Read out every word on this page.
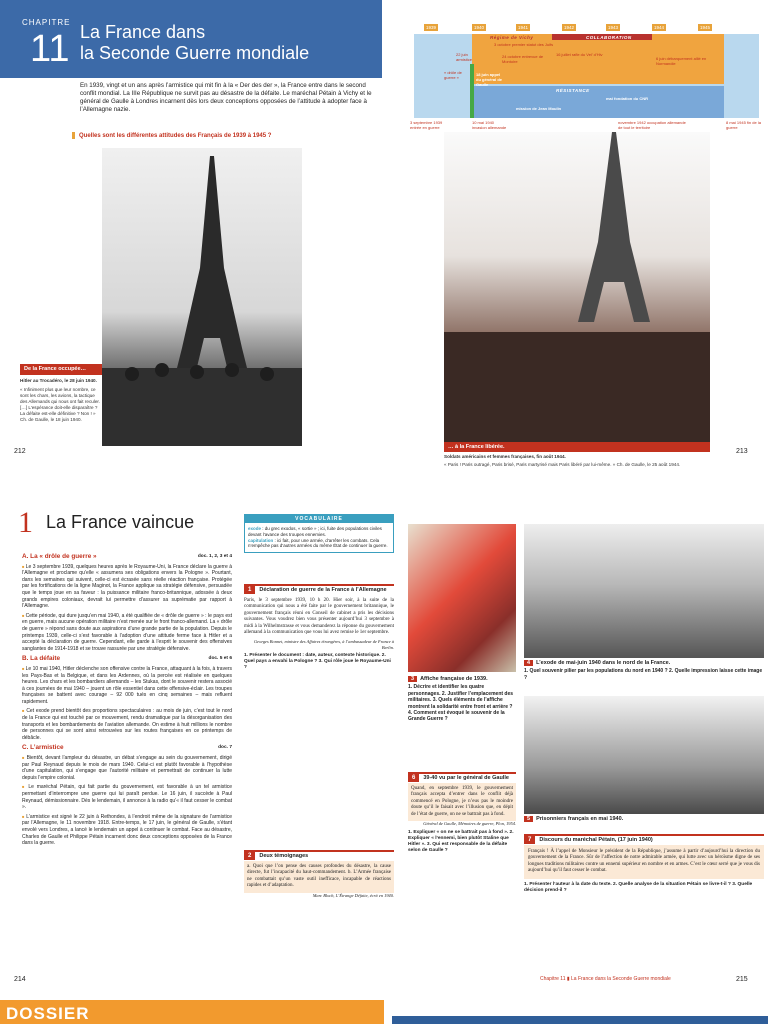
CHAPITRE
11 La France dans
la Seconde Guerre mondiale
En 1939, vingt et un ans après l’armistice qui mit fin à la « Der des der », la France entre dans le second conflit mondial. La IIIe République ne survit pas au désastre de la défaite. Le maréchal Pétain à Vichy et le général de Gaulle à Londres incarnent dès lors deux conceptions opposées de l’attitude à adopter face à l’Allemagne nazie.
Quelles sont les différentes attitudes des Français de 1939 à 1945 ?
1939	1940	1941	1942	1943	1944	1945
Régime de Vichy	COLLABORATION
RÉSISTANCE
3 octobre premier statut des Juifs
22 juin armistice
24 octobre entrevue de Montoire
16 juillet rafle du Vel’ d’Hiv
« drôle de guerre »
18 juin appel du général de Gaulle
mission de Jean Moulin
mai fondation du CNR
6 juin débarquement allié en Normandie
3 septembre 1939 entrée en guerre
10 mai 1940 invasion allemande
novembre 1942 occupation allemande de tout le territoire
8 mai 1945 fin de la guerre
De la France occupée…
Hitler au Trocadéro, le 28 juin 1940.
« Infiniment plus que leur nombre, ce sont les chars, les avions, la tactique des Allemands qui nous ont fait reculer. […] L’espérance doit-elle disparaître ? La défaite est-elle définitive ? Non ! » Ch. de Gaulle, le 18 juin 1940.
… à la France libérée.
Soldats américains et femmes françaises, fin août 1944.
« Paris ! Paris outragé, Paris brisé, Paris martyrisé mais Paris libéré par lui-même. » Ch. de Gaulle, le 25 août 1944.
212	213
1 La France vaincue
A. La « drôle de guerre »	doc. 1, 2, 3 et 4

■ Le 3 septembre 1939, quelques heures après le Royaume-Uni, la France déclare la guerre à l’Allemagne et proclame qu’elle « assumera ses obligations envers la Pologne ». Pourtant, dans les semaines qui suivent, celle-ci est écrasée sans réelle réaction française. Protégée par les fortifications de la ligne Maginot, la France applique sa stratégie défensive, persuadée que le temps joue en sa faveur : la puissance militaire franco-britannique, adossée à deux grands empires coloniaux, devrait lui permettre d’assurer sa suprématie par rapport à l’Allemagne.

■ Cette période, qui dure jusqu’en mai 1940, a été qualifiée de « drôle de guerre » : le pays est en guerre, mais aucune opération militaire n’est menée sur le front franco-allemand. La « drôle de guerre » répond sans doute aux aspirations d’une grande partie de la population. Depuis le printemps 1939, celle-ci s’est favorable à l’adoption d’une attitude ferme face à Hitler et a accepté la déclaration de guerre. Cependant, elle garde à l’esprit le souvenir des offensives sanglantes de 1914-1918 et se trouve rassurée par une stratégie défensive.

B. La défaite	doc. 5 et 6

■ Le 10 mai 1940, Hitler déclenche son offensive contre la France, attaquant à la fois, à travers les Pays-Bas et la Belgique, et dans les Ardennes, où la percée est réalisée en quelques heures. Les chars et les bombardiers allemands – les Stukas, dont le souvenir restera associé à ces journées de mai 1940 – jouent un rôle essentiel dans cette offensive-éclair. Les troupes françaises se battent avec courage – 92 000 tués en cinq semaines – mais refluent rapidement.

■ Cet exode prend bientôt des proportions spectaculaires : au mois de juin, c’est tout le nord de la France qui est touché par ce mouvement, rendu dramatique par la désorganisation des transports et les bombardements de l’aviation allemande. On estime à huit millions le nombre de personnes qui se sont ainsi retrouvées sur les routes françaises en ce printemps de débâcle.

C. L’armistice	doc. 7

■ Bientôt, devant l’ampleur du désastre, un débat s’engage au sein du gouvernement, dirigé par Paul Reynaud depuis le mois de mars 1940. Celui-ci est plutôt favorable à l’hypothèse d’une capitulation, qui s’engage que l’autorité militaire et permettrait de continuer la lutte depuis l’empire colonial.

■ Le maréchal Pétain, qui fait partie du gouvernement, est favorable à un tel armistice permettant d’interrompre une guerre qui lui paraît perdue. Le 16 juin, il succède à Paul Reynaud, démissionnaire. Dès le lendemain, il annonce à la radio qu’« il faut cesser le combat ».

■ L’armistice est signé le 22 juin à Rethondes, à l’endroit même de la signature de l’armistice par l’Allemagne, le 11 novembre 1918. Entre-temps, le 17 juin, le général de Gaulle, s’étant envolé vers Londres, a lancé le lendemain un appel à continuer le combat. Face au désastre, Charles de Gaulle et Philippe Pétain incarnent donc deux conceptions opposées de la France dans la guerre.

VOCABULAIRE
exode : du grec exodos, « sortie » ; ici, fuite des populations civiles devant l’avance des troupes ennemies.
capitulation : ici fait, pour une armée, d’arrêter les combats. Cela n’empêche pas d’autres armées du même État de continuer la guerre.
1	Déclaration de guerre de la France à l’Allemagne
Paris, le 3 septembre 1939, 10 h 20. Hier soir, à la suite de la communication qui nous a été faite par le gouvernement britannique, le gouvernement français réuni en Conseil de cabinet a pris les décisions suivantes. Vous voudrez bien vous présenter aujourd’hui 3 septembre à midi à la Wilhelmstrasse et vous demanderez la réponse du gouvernement allemand à la communication que vous lui avez remise le 1er septembre.
Georges Bonnet, ministre des Affaires étrangères, à l’ambassadeur de France à Berlin.
1. Présenter le document : date, auteur, contexte historique. 2. Quel pays a envahi la Pologne ? 3. Qui rôle joue le Royaume-Uni ?
2	Deux témoignages
a. Quoi que l’on pense des causes profondes du désastre, la cause directe, fut l’incapacité du haut-commandement. b. L’Armée française ne combattait qu’un vaste outil inefficace, incapable de réactions rapides et d’adaptation.
Marc Bloch, L’Étrange Défaite, écrit en 1940.
3	Affiche française de 1939.
1. Décrire et identifier les quatre personnages. 2. Justifier l’emplacement des militaires. 3. Quels éléments de l’affiche montrent la solidarité entre front et arrière ? 4. Comment est évoqué le souvenir de la Grande Guerre ?
4	L’exode de mai-juin 1940 dans le nord de la France.
1. Quel souvenir pilier par les populations du nord en 1940 ? 2. Quelle impression laisse cette image ?
5	Prisonniers français en mai 1940.
6	39-40 vu par le général de Gaulle
Quand, en septembre 1939, le gouvernement français accepta d’entrer dans le conflit déjà commencé en Pologne, je n’eus pas le moindre doute qu’il le faisait avec l’illusion que, en dépit de l’état de guerre, on ne se battrait pas à fond.
Général de Gaulle, Mémoires de guerre, Plon, 1954.
1. Expliquer « on ne se battrait pas à fond ». 2. Expliquer « l’ennemi, bien plutôt Staline que Hitler ». 3. Qui est responsable de la défaite selon de Gaulle ?
7	Discours du maréchal Pétain, (17 juin 1940)
Français ! À l’appel de Monsieur le président de la République, j’assume à partir d’aujourd’hui la direction du gouvernement de la France. Sûr de l’affection de notre admirable armée, qui lutte avec un héroïsme digne de ses longues traditions militaires contre un ennemi supérieur en nombre et en armes. C’est le cœur serré que je vous dis aujourd’hui qu’il faut cesser le combat.
1. Présenter l’auteur à la date du texte. 2. Quelle analyse de la situation Pétain se livre-t-il ? 3. Quelle décision prend-il ?
214	Chapitre 11 ▮ La France dans la Seconde Guerre mondiale	215
DOSSIER
